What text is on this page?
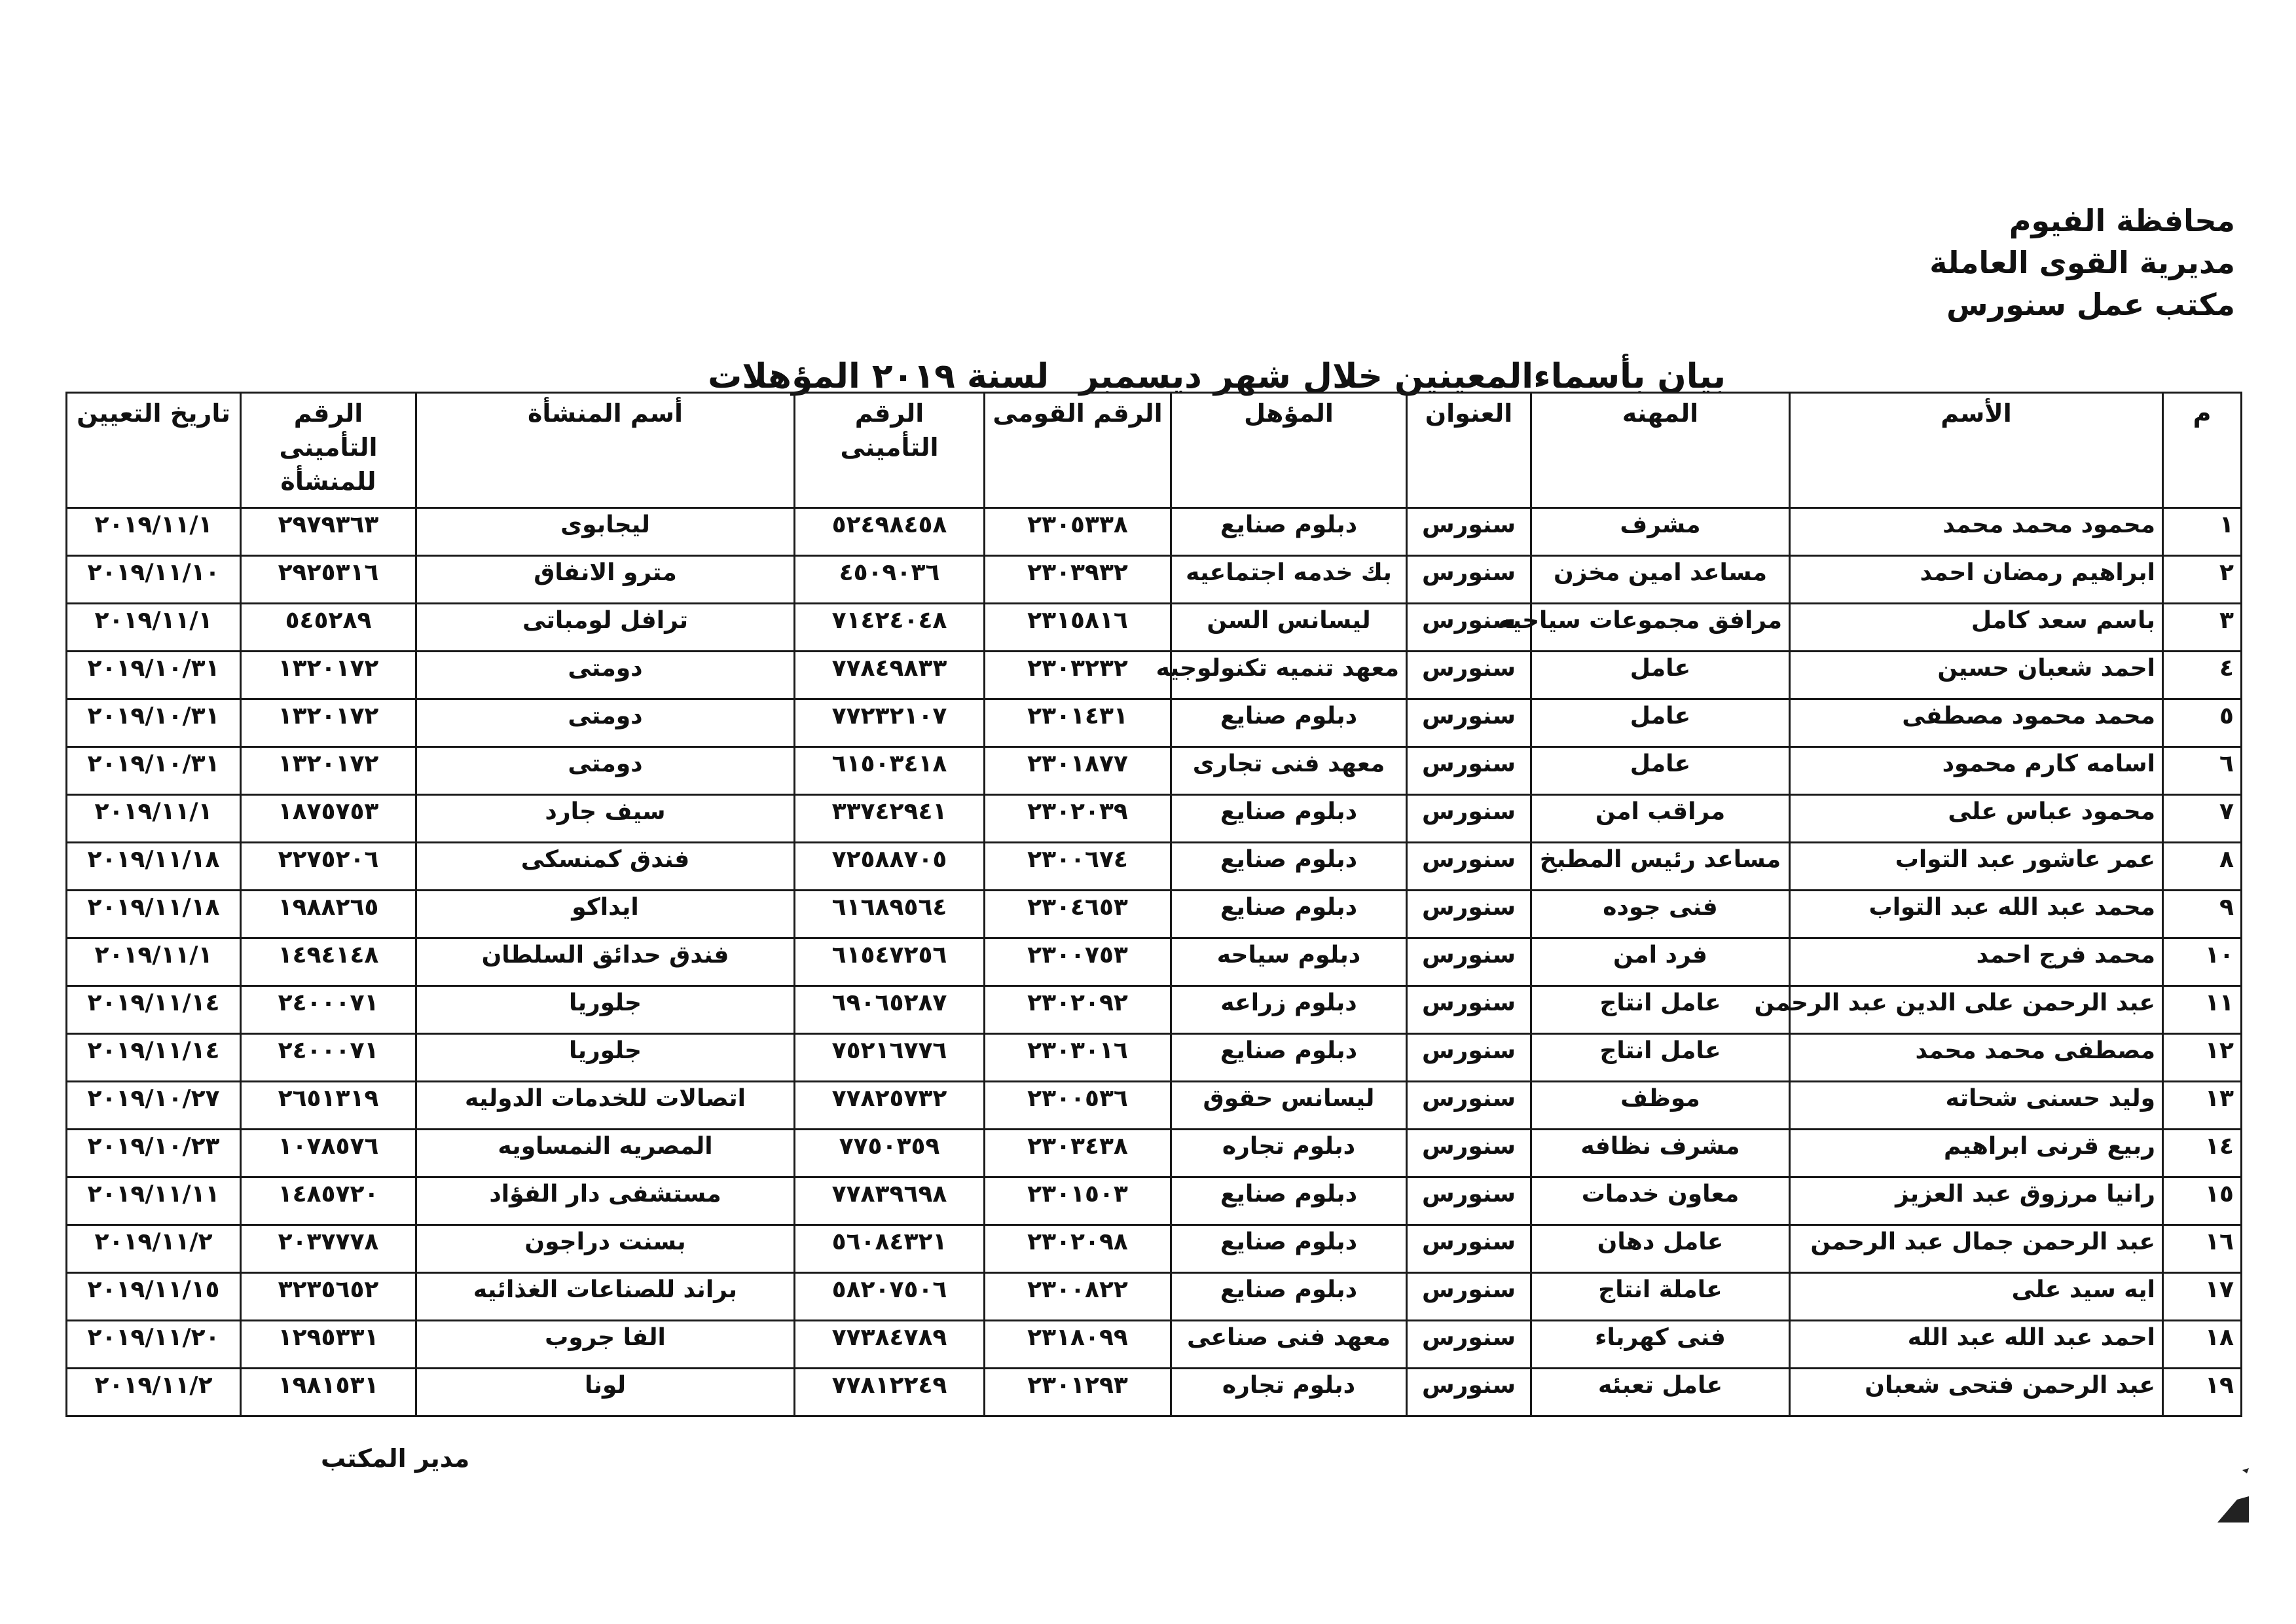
محافظة الفيوم
مديرية القوى العاملة
مكتب عمل سنورس
بيان بأسماءالمعينين خلال شهر ديسمبر لسنة ٢٠١٩ المؤهلات
م	الأسم	المهنه	العنوان	المؤهل	الرقم القومى	الرقم التأمينى	أسم المنشأة	الرقم التأمينى للمنشأة	تاريخ التعيين
١	محمود محمد محمد	مشرف	سنورس	دبلوم صنايع	٢٣٠٥٣٣٨	٥٢٤٩٨٤٥٨	ليجابوى	٢٩٧٩٣٦٣	٢٠١٩/١١/١
٢	ابراهيم رمضان احمد	مساعد امين مخزن	سنورس	بك خدمه اجتماعيه	٢٣٠٣٩٣٢	٤٥٠٩٠٣٦	مترو الانفاق	٢٩٢٥٣١٦	٢٠١٩/١١/١٠
٣	باسم سعد كامل	مرافق مجموعات سياحيه	سنورس	ليسانس السن	٢٣١٥٨١٦	٧١٤٢٤٠٤٨	ترافل لومباتى	٥٤٥٢٨٩	٢٠١٩/١١/١
٤	احمد شعبان حسين	عامل	سنورس	معهد تنميه تكنولوجيه	٢٣٠٣٢٣٢	٧٧٨٤٩٨٣٣	دومتى	١٣٢٠١٧٢	٢٠١٩/١٠/٣١
٥	محمد محمود مصطفى	عامل	سنورس	دبلوم صنايع	٢٣٠١٤٣١	٧٧٢٣٢١٠٧	دومتى	١٣٢٠١٧٢	٢٠١٩/١٠/٣١
٦	اسامه كارم محمود	عامل	سنورس	معهد فنى تجارى	٢٣٠١٨٧٧	٦١٥٠٣٤١٨	دومتى	١٣٢٠١٧٢	٢٠١٩/١٠/٣١
٧	محمود عباس على	مراقب امن	سنورس	دبلوم صنايع	٢٣٠٢٠٣٩	٣٣٧٤٢٩٤١	سيف جارد	١٨٧٥٧٥٣	٢٠١٩/١١/١
٨	عمر عاشور عبد التواب	مساعد رئيس المطبخ	سنورس	دبلوم صنايع	٢٣٠٠٦٧٤	٧٢٥٨٨٧٠٥	فندق كمنسكى	٢٢٧٥٢٠٦	٢٠١٩/١١/١٨
٩	محمد عبد الله عبد التواب	فنى جوده	سنورس	دبلوم صنايع	٢٣٠٤٦٥٣	٦١٦٨٩٥٦٤	ايداكو	١٩٨٨٢٦٥	٢٠١٩/١١/١٨
١٠	محمد فرج احمد	فرد امن	سنورس	دبلوم سياحه	٢٣٠٠٧٥٣	٦١٥٤٧٢٥٦	فندق حدائق السلطان	١٤٩٤١٤٨	٢٠١٩/١١/١
١١	عبد الرحمن على الدين عبد الرحمن	عامل انتاج	سنورس	دبلوم زراعه	٢٣٠٢٠٩٢	٦٩٠٦٥٢٨٧	جلوريا	٢٤٠٠٠٧١	٢٠١٩/١١/١٤
١٢	مصطفى محمد محمد	عامل انتاج	سنورس	دبلوم صنايع	٢٣٠٣٠١٦	٧٥٢١٦٧٧٦	جلوريا	٢٤٠٠٠٧١	٢٠١٩/١١/١٤
١٣	وليد حسنى شحاته	موظف	سنورس	ليسانس حقوق	٢٣٠٠٥٣٦	٧٧٨٢٥٧٣٢	اتصالات للخدمات الدوليه	٢٦٥١٣١٩	٢٠١٩/١٠/٢٧
١٤	ربيع قرنى ابراهيم	مشرف نظافه	سنورس	دبلوم تجاره	٢٣٠٣٤٣٨	٧٧٥٠٣٥٩	المصريه النمساويه	١٠٧٨٥٧٦	٢٠١٩/١٠/٢٣
١٥	رانيا مرزوق عبد العزيز	معاون خدمات	سنورس	دبلوم صنايع	٢٣٠١٥٠٣	٧٧٨٣٩٦٩٨	مستشفى دار الفؤاد	١٤٨٥٧٢٠	٢٠١٩/١١/١١
١٦	عبد الرحمن جمال عبد الرحمن	عامل دهان	سنورس	دبلوم صنايع	٢٣٠٢٠٩٨	٥٦٠٨٤٣٢١	بسنت دراجون	٢٠٣٧٧٧٨	٢٠١٩/١١/٢
١٧	ايه سيد على	عاملة انتاج	سنورس	دبلوم صنايع	٢٣٠٠٨٢٢	٥٨٢٠٧٥٠٦	براند للصناعات الغذائيه	٣٢٣٥٦٥٢	٢٠١٩/١١/١٥
١٨	احمد عبد الله عبد الله	فنى كهرباء	سنورس	معهد فنى صناعى	٢٣١٨٠٩٩	٧٧٣٨٤٧٨٩	الفا جروب	١٢٩٥٣٣١	٢٠١٩/١١/٢٠
١٩	عبد الرحمن فتحى شعبان	عامل تعبئه	سنورس	دبلوم تجاره	٢٣٠١٢٩٣	٧٧٨١٢٢٤٩	لونا	١٩٨١٥٣١	٢٠١٩/١١/٢
مدير المكتب
